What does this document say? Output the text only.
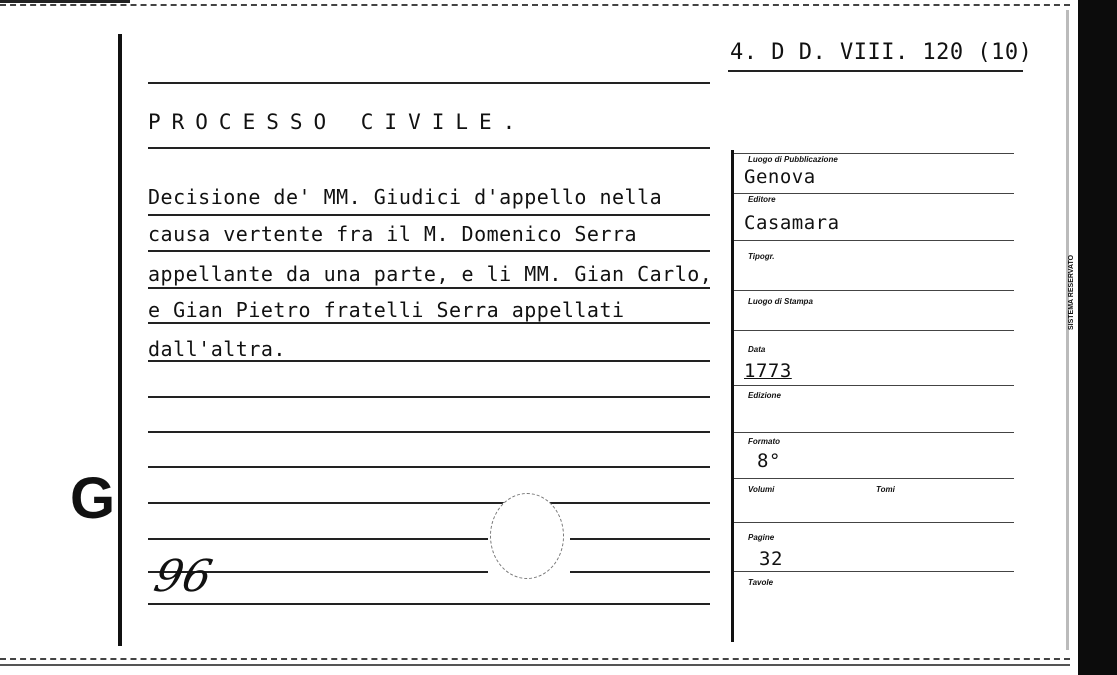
SISTEMA RESERVATO
G
4. D D. VIII. 120 (10)
PROCESSO CIVILE.
Decisione de' MM. Giudici d'appello nella
causa vertente fra il M. Domenico Serra
appellante da una parte, e li MM. Gian Carlo,
e Gian Pietro fratelli Serra appellati
dall'altra.
96
Luogo di Pubblicazione
Genova
Editore
Casamara
Tipogr.
Luogo di Stampa
Data
1773
Edizione
Formato
8°
Volumi	Tomi
Pagine
32
Tavole
